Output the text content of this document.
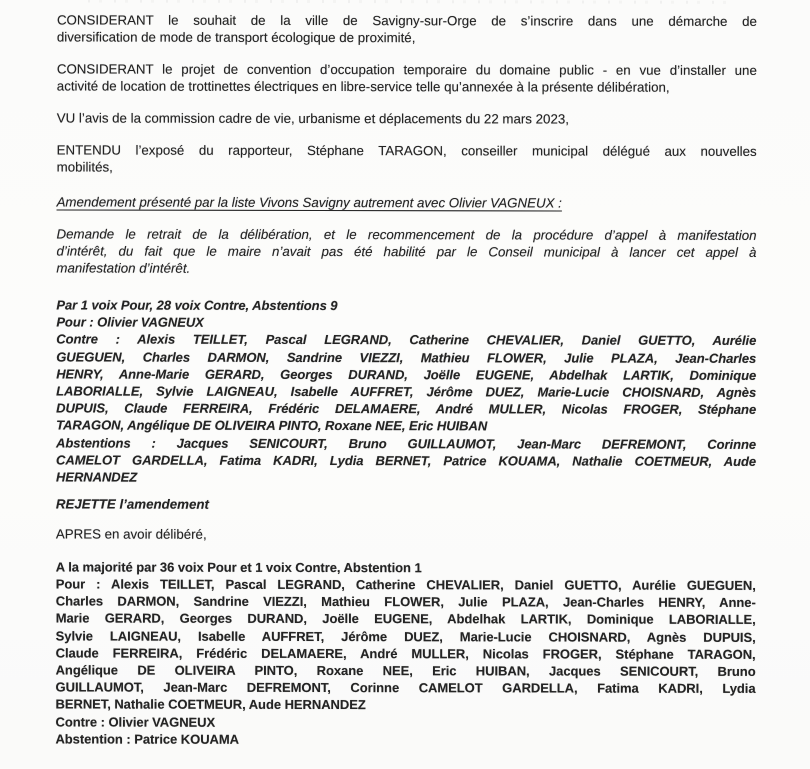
CONSIDERANT le souhait de la ville de Savigny-sur-Orge de s’inscrire dans une démarche de
diversification de mode de transport écologique de proximité,
CONSIDERANT le projet de convention d’occupation temporaire du domaine public - en vue d’installer une
activité de location de trottinettes électriques en libre-service telle qu’annexée à la présente délibération,
VU l’avis de la commission cadre de vie, urbanisme et déplacements du 22 mars 2023,
ENTENDU l’exposé du rapporteur, Stéphane TARAGON, conseiller municipal délégué aux nouvelles
mobilités,
Amendement présenté par la liste Vivons Savigny autrement avec Olivier VAGNEUX :
Demande le retrait de la délibération, et le recommencement de la procédure d’appel à manifestation
d’intérêt, du fait que le maire n’avait pas été habilité par le Conseil municipal à lancer cet appel à
manifestation d’intérêt.
Par 1 voix Pour, 28 voix Contre, Abstentions 9
Pour : Olivier VAGNEUX
Contre : Alexis TEILLET, Pascal LEGRAND, Catherine CHEVALIER, Daniel GUETTO, Aurélie
GUEGUEN, Charles DARMON, Sandrine VIEZZI, Mathieu FLOWER, Julie PLAZA, Jean-Charles
HENRY, Anne-Marie GERARD, Georges DURAND, Joëlle EUGENE, Abdelhak LARTIK, Dominique
LABORIALLE, Sylvie LAIGNEAU, Isabelle AUFFRET, Jérôme DUEZ, Marie-Lucie CHOISNARD, Agnès
DUPUIS, Claude FERREIRA, Frédéric DELAMAERE, André MULLER, Nicolas FROGER, Stéphane
TARAGON, Angélique DE OLIVEIRA PINTO, Roxane NEE, Eric HUIBAN
Abstentions : Jacques SENICOURT, Bruno GUILLAUMOT, Jean-Marc DEFREMONT, Corinne
CAMELOT GARDELLA, Fatima KADRI, Lydia BERNET, Patrice KOUAMA, Nathalie COETMEUR, Aude
HERNANDEZ
REJETTE l’amendement
APRES en avoir délibéré,
A la majorité par 36 voix Pour et 1 voix Contre, Abstention 1
Pour : Alexis TEILLET, Pascal LEGRAND, Catherine CHEVALIER, Daniel GUETTO, Aurélie GUEGUEN,
Charles DARMON, Sandrine VIEZZI, Mathieu FLOWER, Julie PLAZA, Jean-Charles HENRY, Anne-
Marie GERARD, Georges DURAND, Joëlle EUGENE, Abdelhak LARTIK, Dominique LABORIALLE,
Sylvie LAIGNEAU, Isabelle AUFFRET, Jérôme DUEZ, Marie-Lucie CHOISNARD, Agnès DUPUIS,
Claude FERREIRA, Frédéric DELAMAERE, André MULLER, Nicolas FROGER, Stéphane TARAGON,
Angélique DE OLIVEIRA PINTO, Roxane NEE, Eric HUIBAN, Jacques SENICOURT, Bruno
GUILLAUMOT, Jean-Marc DEFREMONT, Corinne CAMELOT GARDELLA, Fatima KADRI, Lydia
BERNET, Nathalie COETMEUR, Aude HERNANDEZ
Contre : Olivier VAGNEUX
Abstention : Patrice KOUAMA
